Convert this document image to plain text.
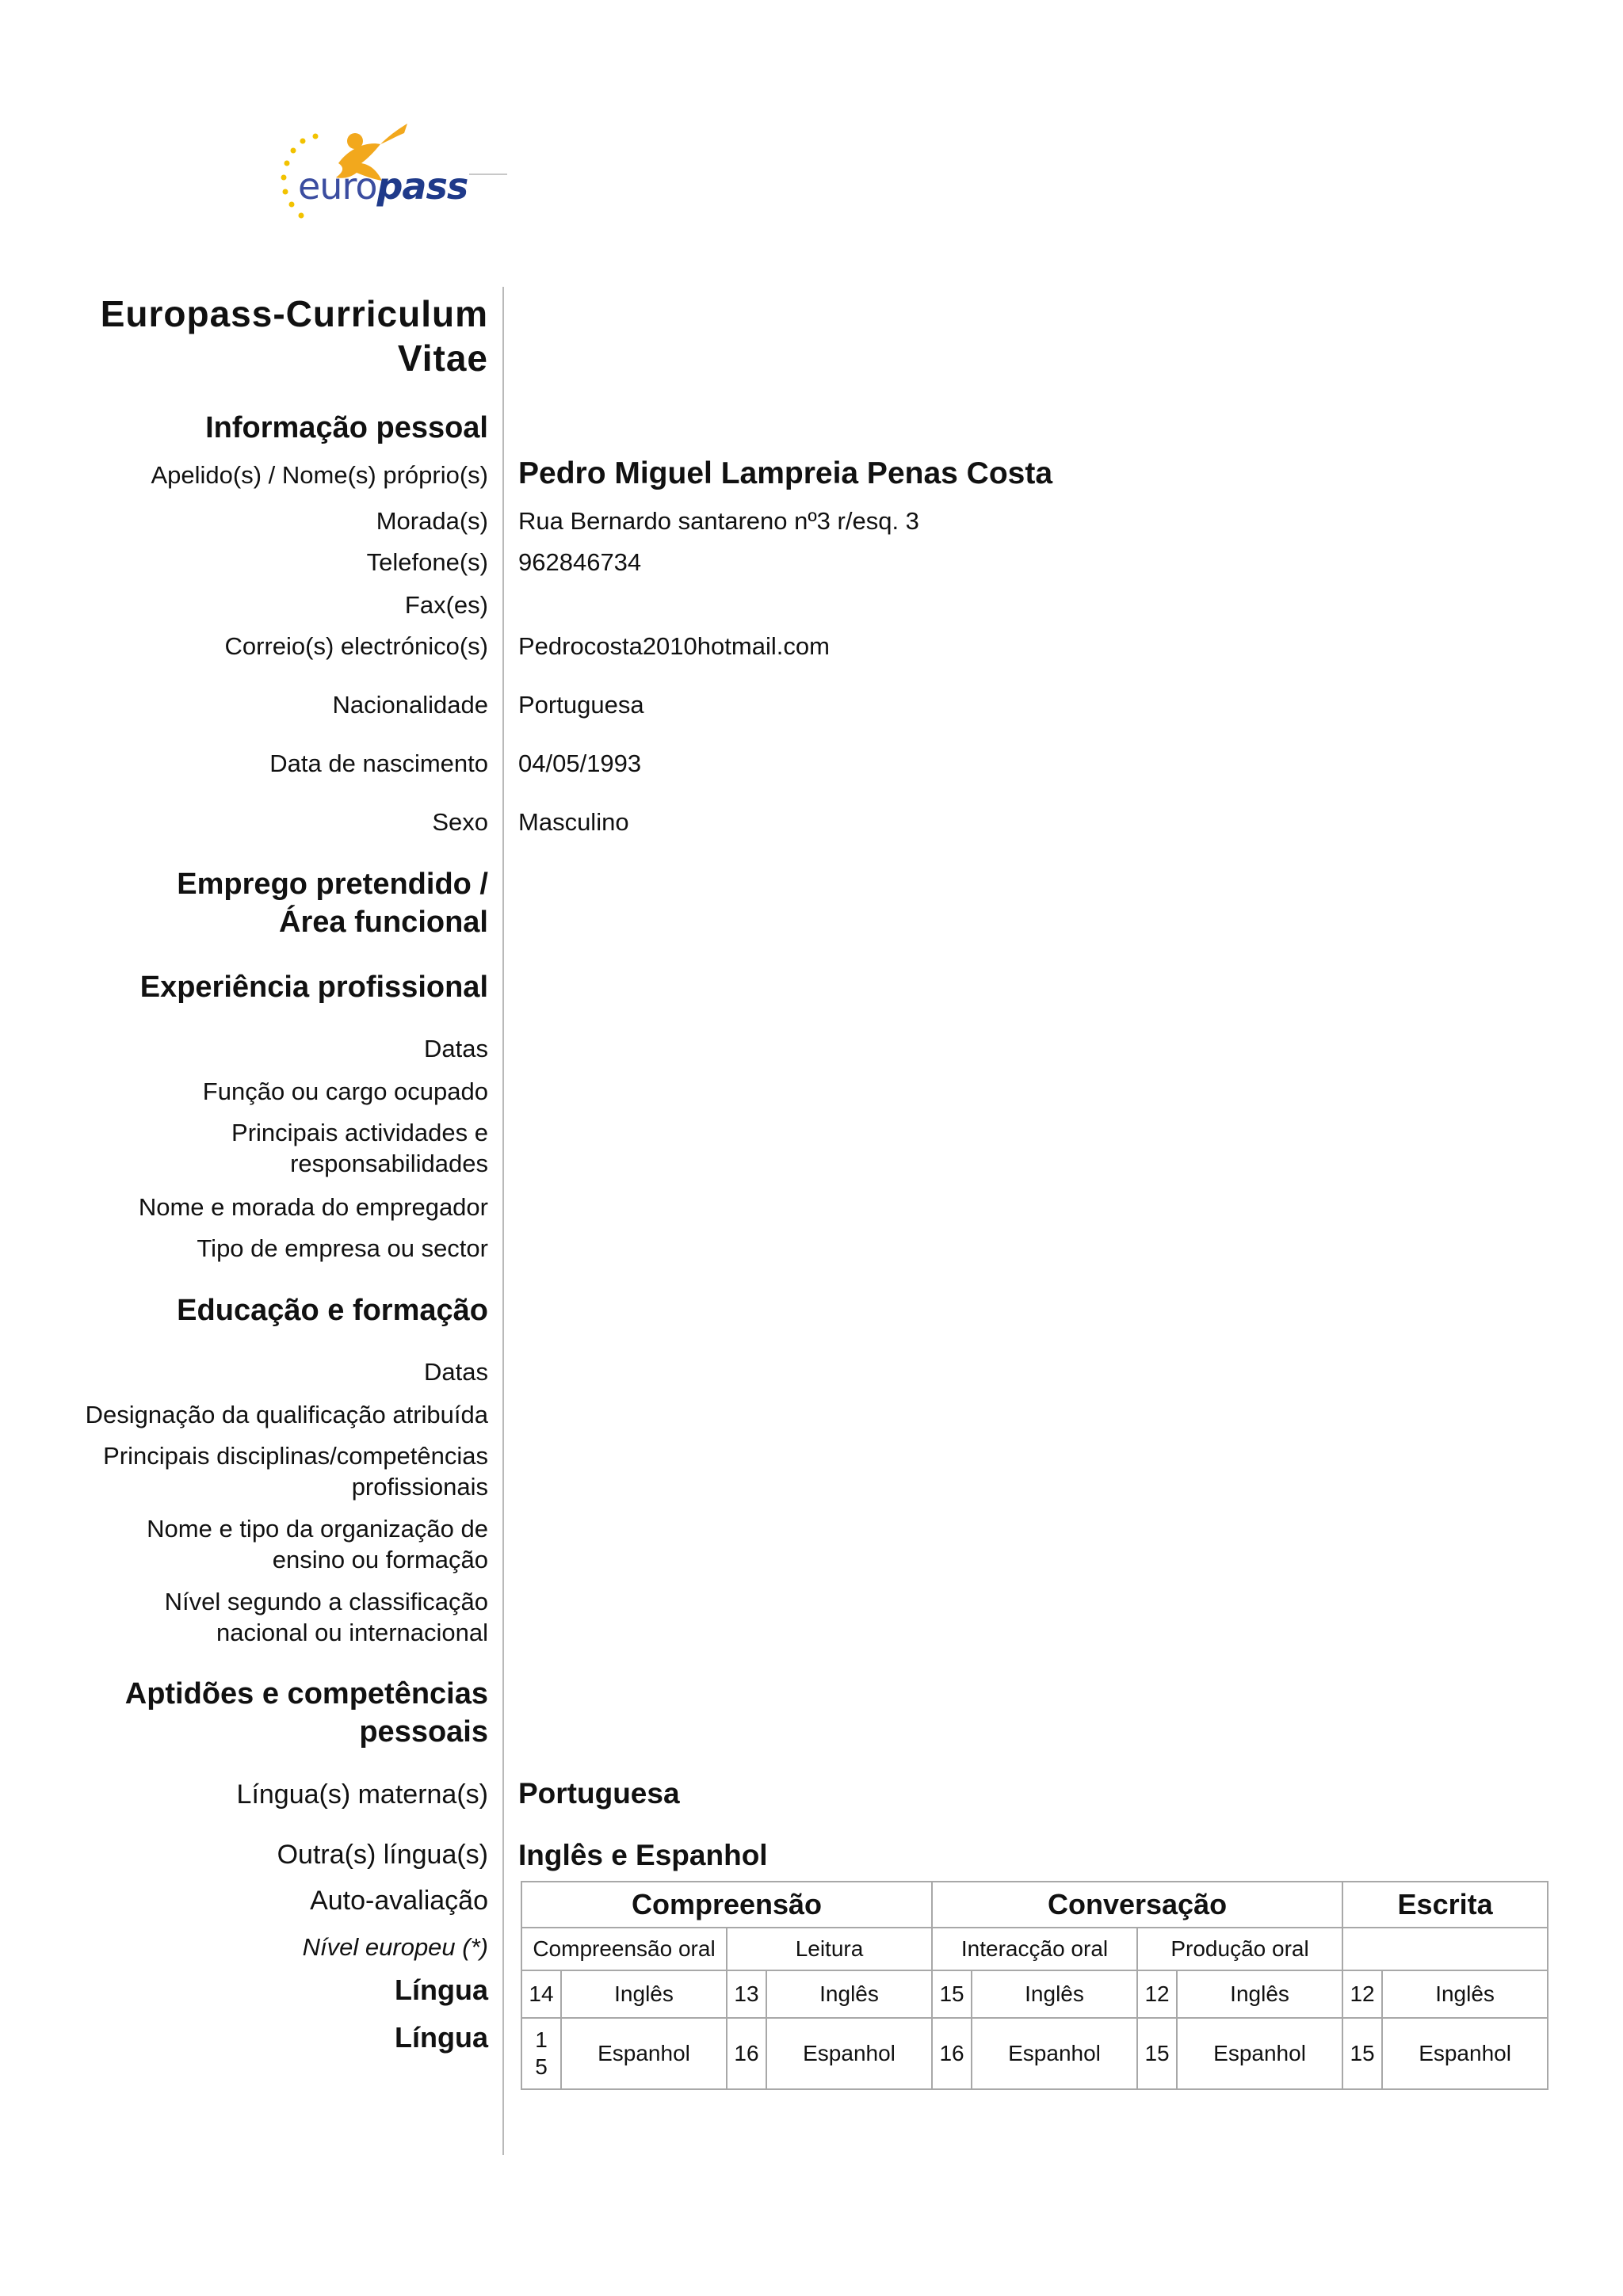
europass
Europass-Curriculum Vitae
Informação pessoal
Apelido(s) / Nome(s) próprio(s) Pedro Miguel Lampreia Penas Costa
Morada(s) Rua Bernardo santareno nº3 r/esq. 3
Telefone(s) 962846734
Fax(es)
Correio(s) electrónico(s) Pedrocosta2010hotmail.com
Nacionalidade Portuguesa
Data de nascimento 04/05/1993
Sexo Masculino
Emprego pretendido / Área funcional
Experiência profissional
Datas
Função ou cargo ocupado
Principais actividades e responsabilidades
Nome e morada do empregador
Tipo de empresa ou sector
Educação e formação
Datas
Designação da qualificação atribuída
Principais disciplinas/competências profissionais
Nome e tipo da organização de ensino ou formação
Nível segundo a classificação nacional ou internacional
Aptidões e competências pessoais
Língua(s) materna(s) Portuguesa
Outra(s) língua(s) Inglês e Espanhol
Auto-avaliação
Nível europeu (*)
Língua
Língua
Compreensão				Conversação				Escrita	
Compreensão oral		Leitura		Interacção oral		Produção oral			
14	Inglês	13	Inglês	15	Inglês	12	Inglês	12	Inglês
15	Espanhol	16	Espanhol	16	Espanhol	15	Espanhol	15	Espanhol
